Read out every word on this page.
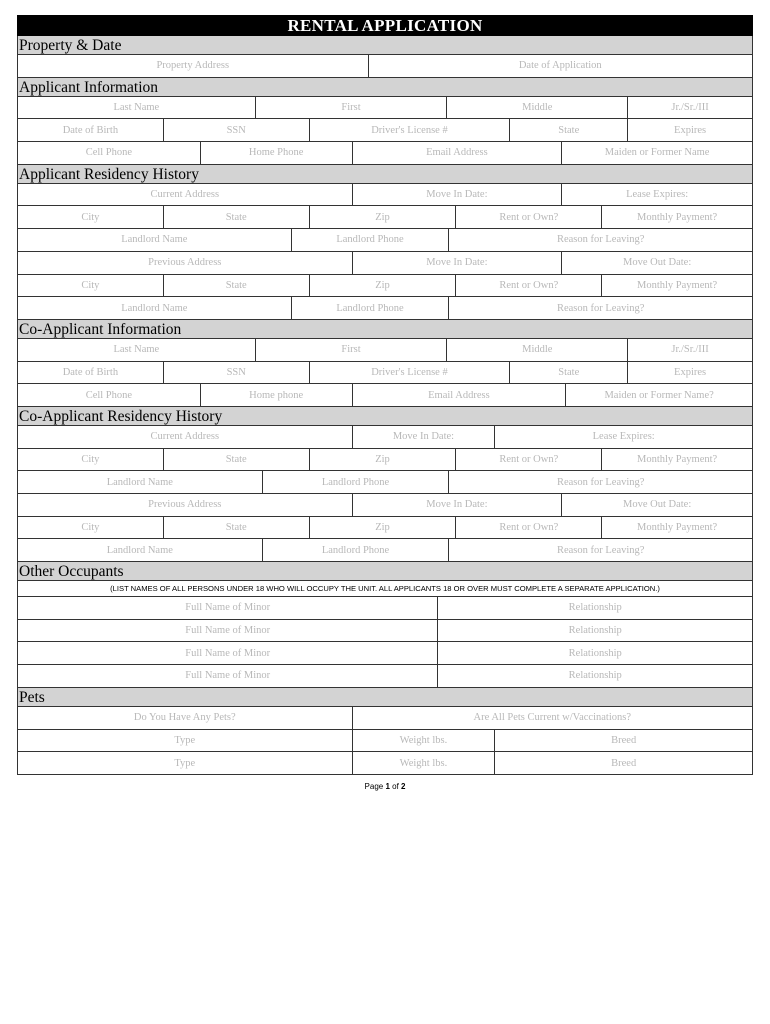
RENTAL APPLICATION
Property & Date
Property Address	Date of Application
Applicant Information
Last Name	First	Middle	Jr./Sr./III
Date of Birth	SSN	Driver's License #	State	Expires
Cell Phone	Home Phone	Email Address	Maiden or Former Name
Applicant Residency History
Current Address	Move In Date:	Lease Expires:
City	State	Zip	Rent or Own?	Monthly Payment?
Landlord Name	Landlord Phone	Reason for Leaving?
Previous Address	Move In Date:	Move Out Date:
City	State	Zip	Rent or Own?	Monthly Payment?
Landlord Name	Landlord Phone	Reason for Leaving?
Co-Applicant Information
Last Name	First	Middle	Jr./Sr./III
Date of Birth	SSN	Driver's License #	State	Expires
Cell Phone	Home phone	Email Address	Maiden or Former Name?
Co-Applicant Residency History
Current Address	Move In Date:	Lease Expires:
City	State	Zip	Rent or Own?	Monthly Payment?
Landlord Name	Landlord Phone	Reason for Leaving?
Previous Address	Move In Date:	Move Out Date:
City	State	Zip	Rent or Own?	Monthly Payment?
Landlord Name	Landlord Phone	Reason for Leaving?
Other Occupants
(LIST NAMES OF ALL PERSONS UNDER 18 WHO WILL OCCUPY THE UNIT. ALL APPLICANTS 18 OR OVER MUST COMPLETE A SEPARATE APPLICATION.)
Full Name of Minor	Relationship
Full Name of Minor	Relationship
Full Name of Minor	Relationship
Full Name of Minor	Relationship
Pets
Do You Have Any Pets?	Are All Pets Current w/Vaccinations?
Type	Weight lbs.	Breed
Type	Weight lbs.	Breed
Page 1 of 2
